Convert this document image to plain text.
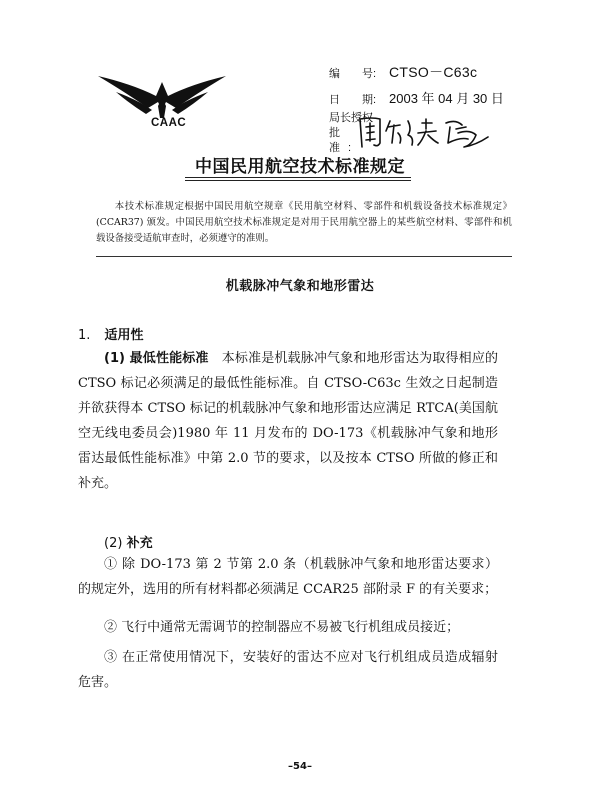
CAAC
编　　号: CTSO－C63c
日　　期: 2003 年 04 月 30 日
局长授权
批准:
中国民用航空技术标准规定
本技术标准规定根据中国民用航空规章《民用航空材料、零部件和机载设备技术标准规定》(CCAR37) 颁发。中国民用航空技术标准规定是对用于民用航空器上的某些航空材料、零部件和机载设备接受适航审查时，必须遵守的准则。
机载脉冲气象和地形雷达
1. 适用性
(1) 最低性能标准　本标准是机载脉冲气象和地形雷达为取得相应的 CTSO 标记必须满足的最低性能标准。自 CTSO-C63c 生效之日起制造并欲获得本 CTSO 标记的机载脉冲气象和地形雷达应满足 RTCA(美国航空无线电委员会)1980 年 11 月发布的 DO-173《机载脉冲气象和地形雷达最低性能标准》中第 2.0 节的要求，以及按本 CTSO 所做的修正和补充。
(2) 补充
① 除 DO-173 第 2 节第 2.0 条（机载脉冲气象和地形雷达要求）的规定外，选用的所有材料都必须满足 CCAR25 部附录 F 的有关要求；
② 飞行中通常无需调节的控制器应不易被飞行机组成员接近；
③ 在正常使用情况下，安装好的雷达不应对飞行机组成员造成辐射危害。
–54–
